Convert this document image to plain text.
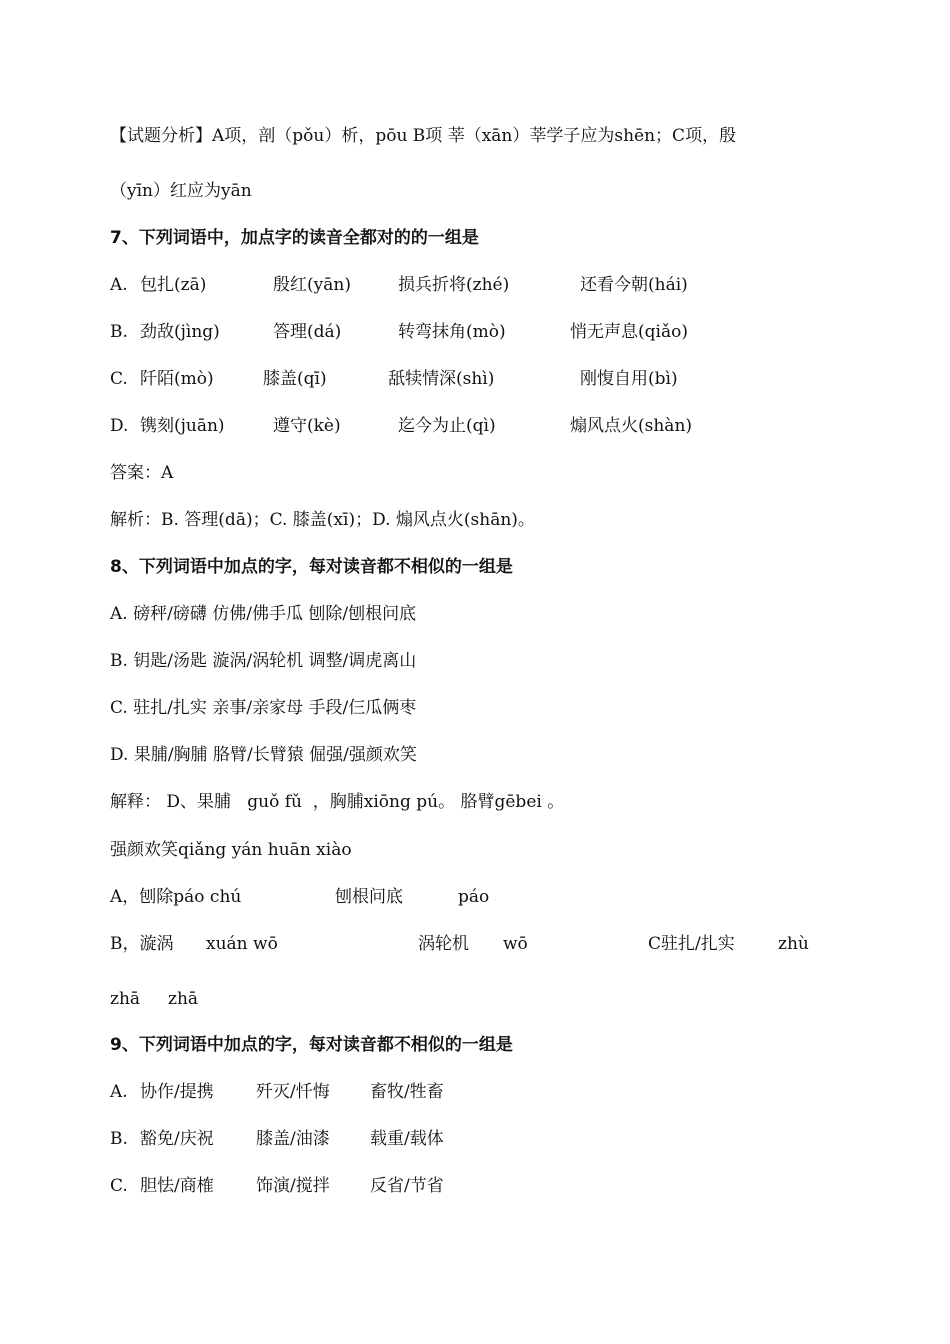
【试题分析】A项，剖（pǒu）析，pōu B项 莘（xān）莘学子应为shēn；C项，殷
（yīn）红应为yān
7、下列词语中，加点字的读音全都对的的一组是
A. 包扎(zā)	殷红(yān)	损兵折将(zhé)	还看今朝(hái)
B. 劲敌(jìng)	答理(dá)	转弯抹角(mò)	悄无声息(qiǎo)
C. 阡陌(mò)	膝盖(qī)	舐犊情深(shì)	刚愎自用(bì)
D. 镌刻(juān)	遵守(kè)	迄今为止(qì)	煽风点火(shàn)
答案：A
解析：B. 答理(dā)；C. 膝盖(xī)；D. 煽风点火(shān)。
8、下列词语中加点的字，每对读音都不相似的一组是
A. 磅秤/磅礴 仿佛/佛手瓜 刨除/刨根问底
B. 钥匙/汤匙 漩涡/涡轮机 调整/调虎离山
C. 驻扎/扎实 亲事/亲家母 手段/仨瓜俩枣
D. 果脯/胸脯 胳臂/长臂猿 倔强/强颜欢笑
解释： D、果脯   guǒ fǔ  ，胸脯xiōng pú。 胳臂gēbei 。
强颜欢笑qiǎng yán huān xiào
A，刨除páo chú	刨根问底	páo
B，漩涡 xuán wō	涡轮机 wō	C驻扎/扎实	zhù
zhā zhā
9、下列词语中加点的字，每对读音都不相似的一组是
A. 协作/提携 歼灭/忏悔 畜牧/牲畜
B. 豁免/庆祝 膝盖/油漆 载重/载体
C. 胆怯/商榷 饰演/搅拌 反省/节省
